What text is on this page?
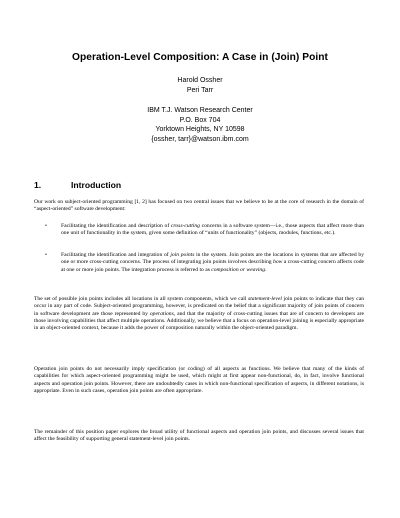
Operation-Level Composition: A Case in (Join) Point
Harold Ossher
Peri Tarr
IBM T.J. Watson Research Center
P.O. Box 704
Yorktown Heights, NY 10598
{ossher, tarr}@watson.ibm.com
1.	Introduction

Our work on subject-oriented programming [1, 2] has focused on two central issues that we believe to be at the core of research in the domain of “aspect-oriented” software development:

•	Facilitating the identification and description of cross-cutting concerns in a software system—i.e., those aspects that affect more than one unit of functionality in the system, given some definition of “units of functionality” (objects, modules, functions, etc.).
•	Facilitating the identification and integration of join points in the system. Join points are the locations in systems that are affected by one or more cross-cutting concerns. The process of integrating join points involves describing how a cross-cutting concern affects code at one or more join points. The integration process is referred to as composition or weaving.

The set of possible join points includes all locations in all system components, which we call statement-level join points to indicate that they can occur in any part of code. Subject-oriented programming, however, is predicated on the belief that a significant majority of join points of concern in software development are those represented by operations, and that the majority of cross-cutting issues that are of concern to developers are those involving capabilities that affect multiple operations. Additionally, we believe that a focus on operation-level joining is especially appropriate in an object-oriented context, because it adds the power of composition naturally within the object-oriented paradigm.

Operation join points do not necessarily imply specification (or coding) of all aspects as functions. We believe that many of the kinds of capabilities for which aspect-oriented programming might be used, which might at first appear non-functional, do, in fact, involve functional aspects and operation join points. However, there are undoubtedly cases in which non-functional specification of aspects, in different notations, is appropriate. Even in such cases, operation join points are often appropriate.

The remainder of this position paper explores the broad utility of functional aspects and operation join points, and discusses several issues that affect the feasibility of supporting general statement-level join points.
